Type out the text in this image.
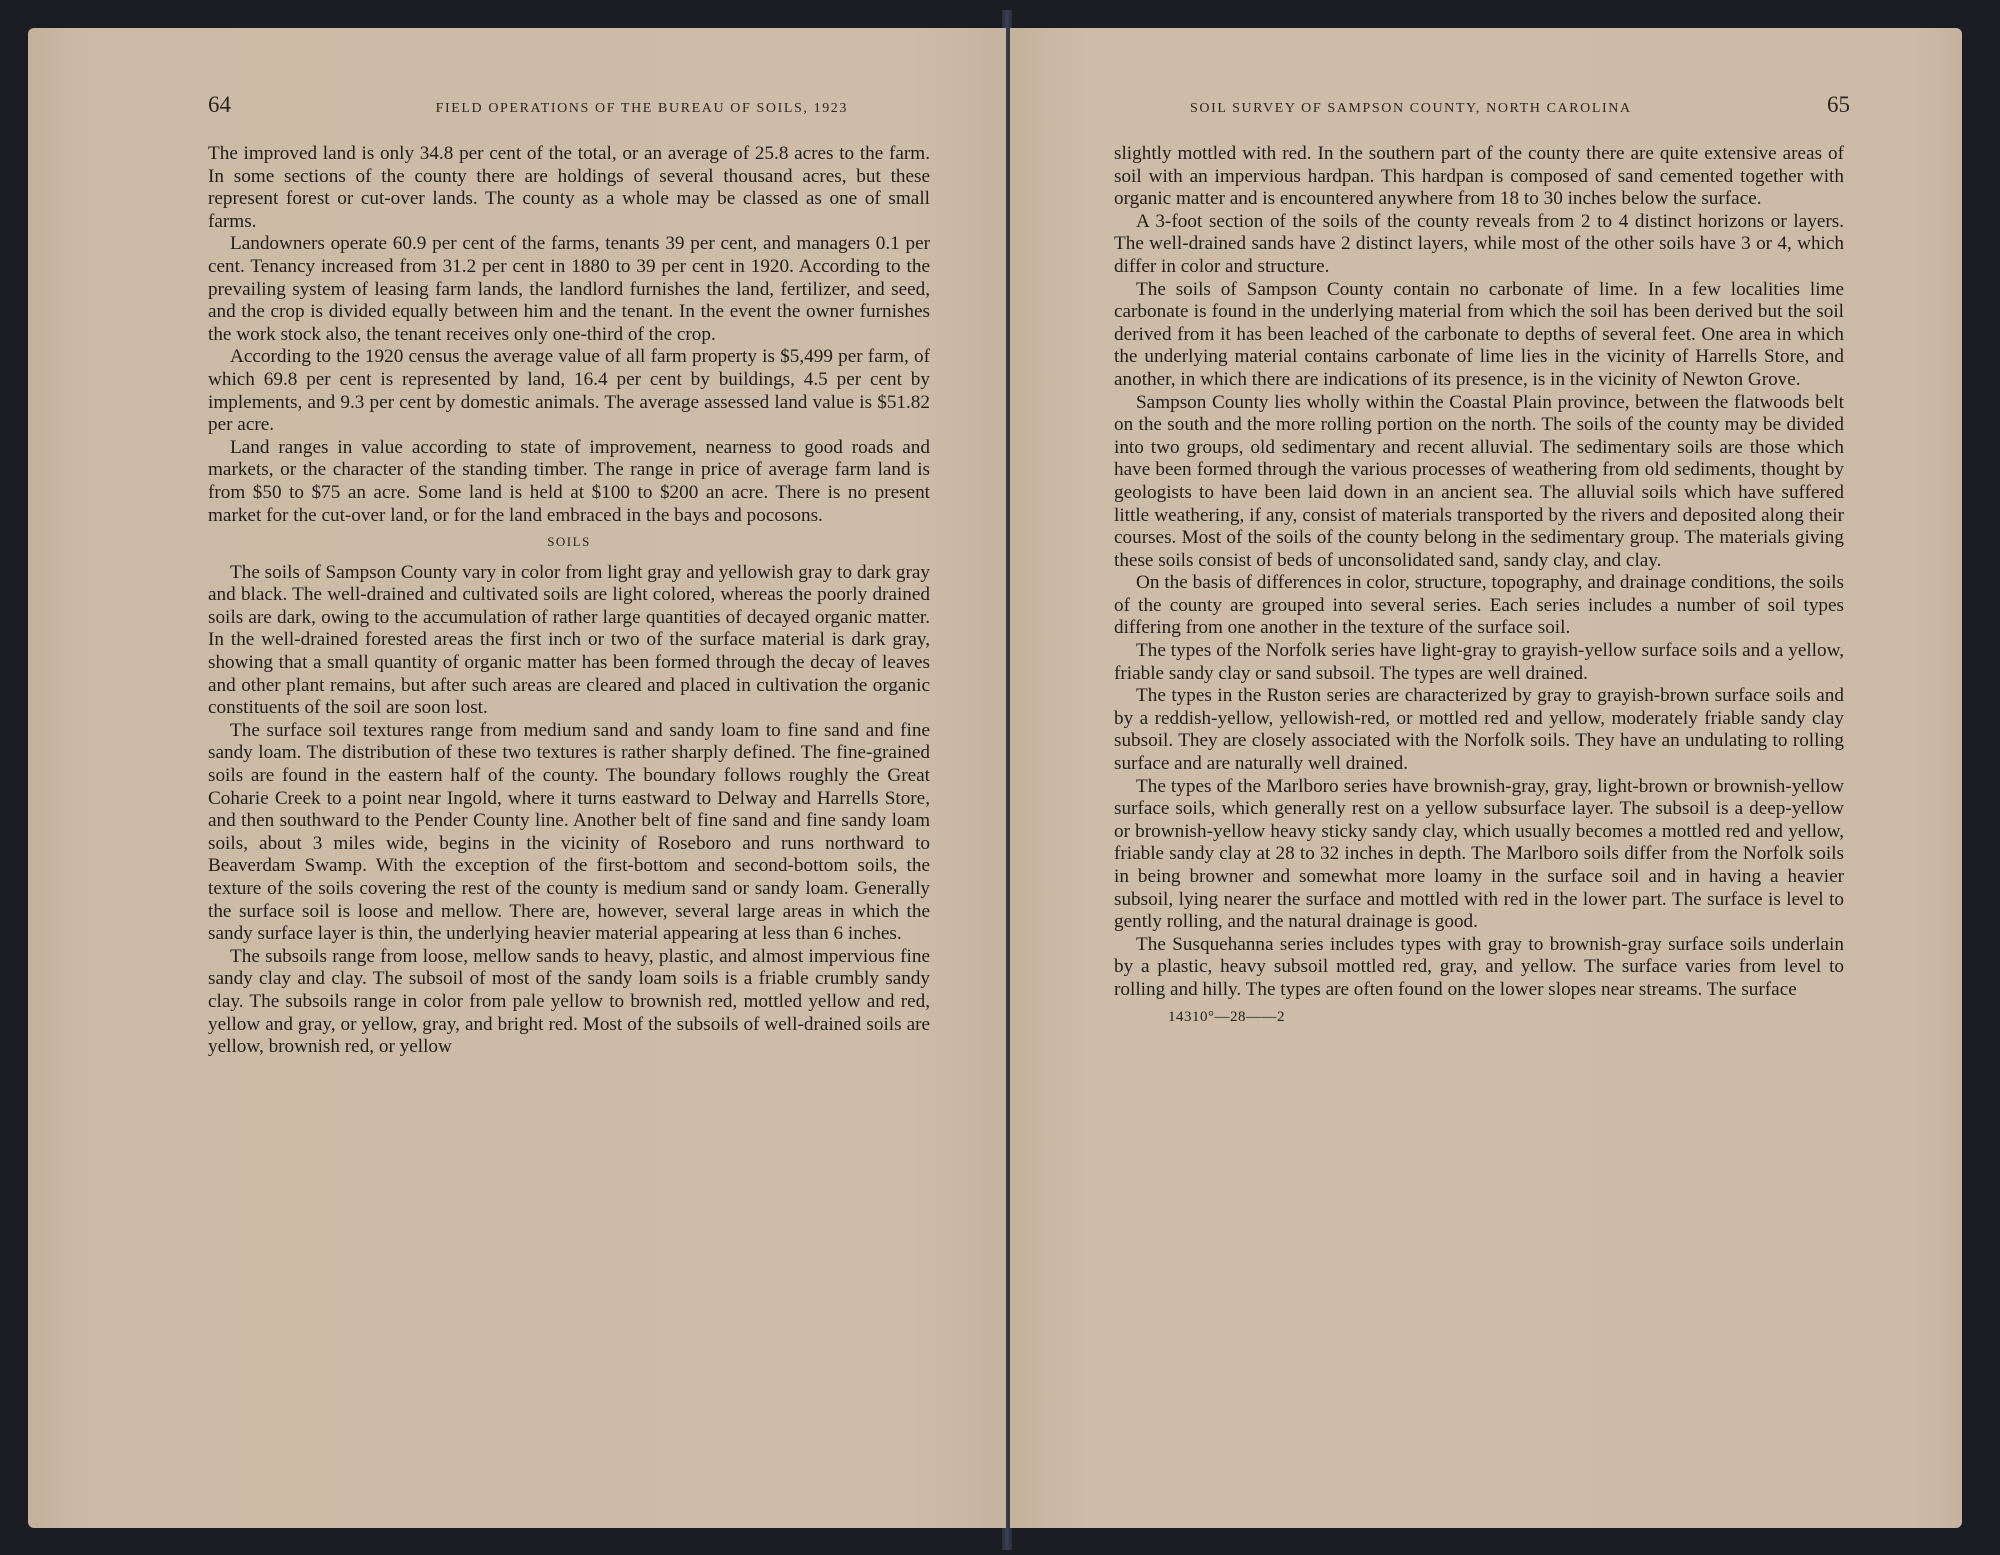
64	FIELD OPERATIONS OF THE BUREAU OF SOILS, 1923

The improved land is only 34.8 per cent of the total, or an average of 25.8 acres to the farm. In some sections of the county there are holdings of several thousand acres, but these represent forest or cut-over lands. The county as a whole may be classed as one of small farms.

Landowners operate 60.9 per cent of the farms, tenants 39 per cent, and managers 0.1 per cent. Tenancy increased from 31.2 per cent in 1880 to 39 per cent in 1920. According to the prevailing system of leasing farm lands, the landlord furnishes the land, fertilizer, and seed, and the crop is divided equally between him and the tenant. In the event the owner furnishes the work stock also, the tenant receives only one-third of the crop.

According to the 1920 census the average value of all farm property is $5,499 per farm, of which 69.8 per cent is represented by land, 16.4 per cent by buildings, 4.5 per cent by implements, and 9.3 per cent by domestic animals. The average assessed land value is $51.82 per acre.

Land ranges in value according to state of improvement, nearness to good roads and markets, or the character of the standing timber. The range in price of average farm land is from $50 to $75 an acre. Some land is held at $100 to $200 an acre. There is no present market for the cut-over land, or for the land embraced in the bays and pocosons.

SOILS

The soils of Sampson County vary in color from light gray and yellowish gray to dark gray and black. The well-drained and cultivated soils are light colored, whereas the poorly drained soils are dark, owing to the accumulation of rather large quantities of decayed organic matter. In the well-drained forested areas the first inch or two of the surface material is dark gray, showing that a small quantity of organic matter has been formed through the decay of leaves and other plant remains, but after such areas are cleared and placed in cultivation the organic constituents of the soil are soon lost.

The surface soil textures range from medium sand and sandy loam to fine sand and fine sandy loam. The distribution of these two textures is rather sharply defined. The fine-grained soils are found in the eastern half of the county. The boundary follows roughly the Great Coharie Creek to a point near Ingold, where it turns eastward to Delway and Harrells Store, and then southward to the Pender County line. Another belt of fine sand and fine sandy loam soils, about 3 miles wide, begins in the vicinity of Roseboro and runs northward to Beaverdam Swamp. With the exception of the first-bottom and second-bottom soils, the texture of the soils covering the rest of the county is medium sand or sandy loam. Generally the surface soil is loose and mellow. There are, however, several large areas in which the sandy surface layer is thin, the underlying heavier material appearing at less than 6 inches.

The subsoils range from loose, mellow sands to heavy, plastic, and almost impervious fine sandy clay and clay. The subsoil of most of the sandy loam soils is a friable crumbly sandy clay. The subsoils range in color from pale yellow to brownish red, mottled yellow and red, yellow and gray, or yellow, gray, and bright red. Most of the subsoils of well-drained soils are yellow, brownish red, or yellow

SOIL SURVEY OF SAMPSON COUNTY, NORTH CAROLINA	65

slightly mottled with red. In the southern part of the county there are quite extensive areas of soil with an impervious hardpan. This hardpan is composed of sand cemented together with organic matter and is encountered anywhere from 18 to 30 inches below the surface.

A 3-foot section of the soils of the county reveals from 2 to 4 distinct horizons or layers. The well-drained sands have 2 distinct layers, while most of the other soils have 3 or 4, which differ in color and structure.

The soils of Sampson County contain no carbonate of lime. In a few localities lime carbonate is found in the underlying material from which the soil has been derived but the soil derived from it has been leached of the carbonate to depths of several feet. One area in which the underlying material contains carbonate of lime lies in the vicinity of Harrells Store, and another, in which there are indications of its presence, is in the vicinity of Newton Grove.

Sampson County lies wholly within the Coastal Plain province, between the flatwoods belt on the south and the more rolling portion on the north. The soils of the county may be divided into two groups, old sedimentary and recent alluvial. The sedimentary soils are those which have been formed through the various processes of weathering from old sediments, thought by geologists to have been laid down in an ancient sea. The alluvial soils which have suffered little weathering, if any, consist of materials transported by the rivers and deposited along their courses. Most of the soils of the county belong in the sedimentary group. The materials giving these soils consist of beds of unconsolidated sand, sandy clay, and clay.

On the basis of differences in color, structure, topography, and drainage conditions, the soils of the county are grouped into several series. Each series includes a number of soil types differing from one another in the texture of the surface soil.

The types of the Norfolk series have light-gray to grayish-yellow surface soils and a yellow, friable sandy clay or sand subsoil. The types are well drained.

The types in the Ruston series are characterized by gray to grayish-brown surface soils and by a reddish-yellow, yellowish-red, or mottled red and yellow, moderately friable sandy clay subsoil. They are closely associated with the Norfolk soils. They have an undulating to rolling surface and are naturally well drained.

The types of the Marlboro series have brownish-gray, gray, light-brown or brownish-yellow surface soils, which generally rest on a yellow subsurface layer. The subsoil is a deep-yellow or brownish-yellow heavy sticky sandy clay, which usually becomes a mottled red and yellow, friable sandy clay at 28 to 32 inches in depth. The Marlboro soils differ from the Norfolk soils in being browner and somewhat more loamy in the surface soil and in having a heavier subsoil, lying nearer the surface and mottled with red in the lower part. The surface is level to gently rolling, and the natural drainage is good.

The Susquehanna series includes types with gray to brownish-gray surface soils underlain by a plastic, heavy subsoil mottled red, gray, and yellow. The surface varies from level to rolling and hilly. The types are often found on the lower slopes near streams. The surface

14310°—28——2
